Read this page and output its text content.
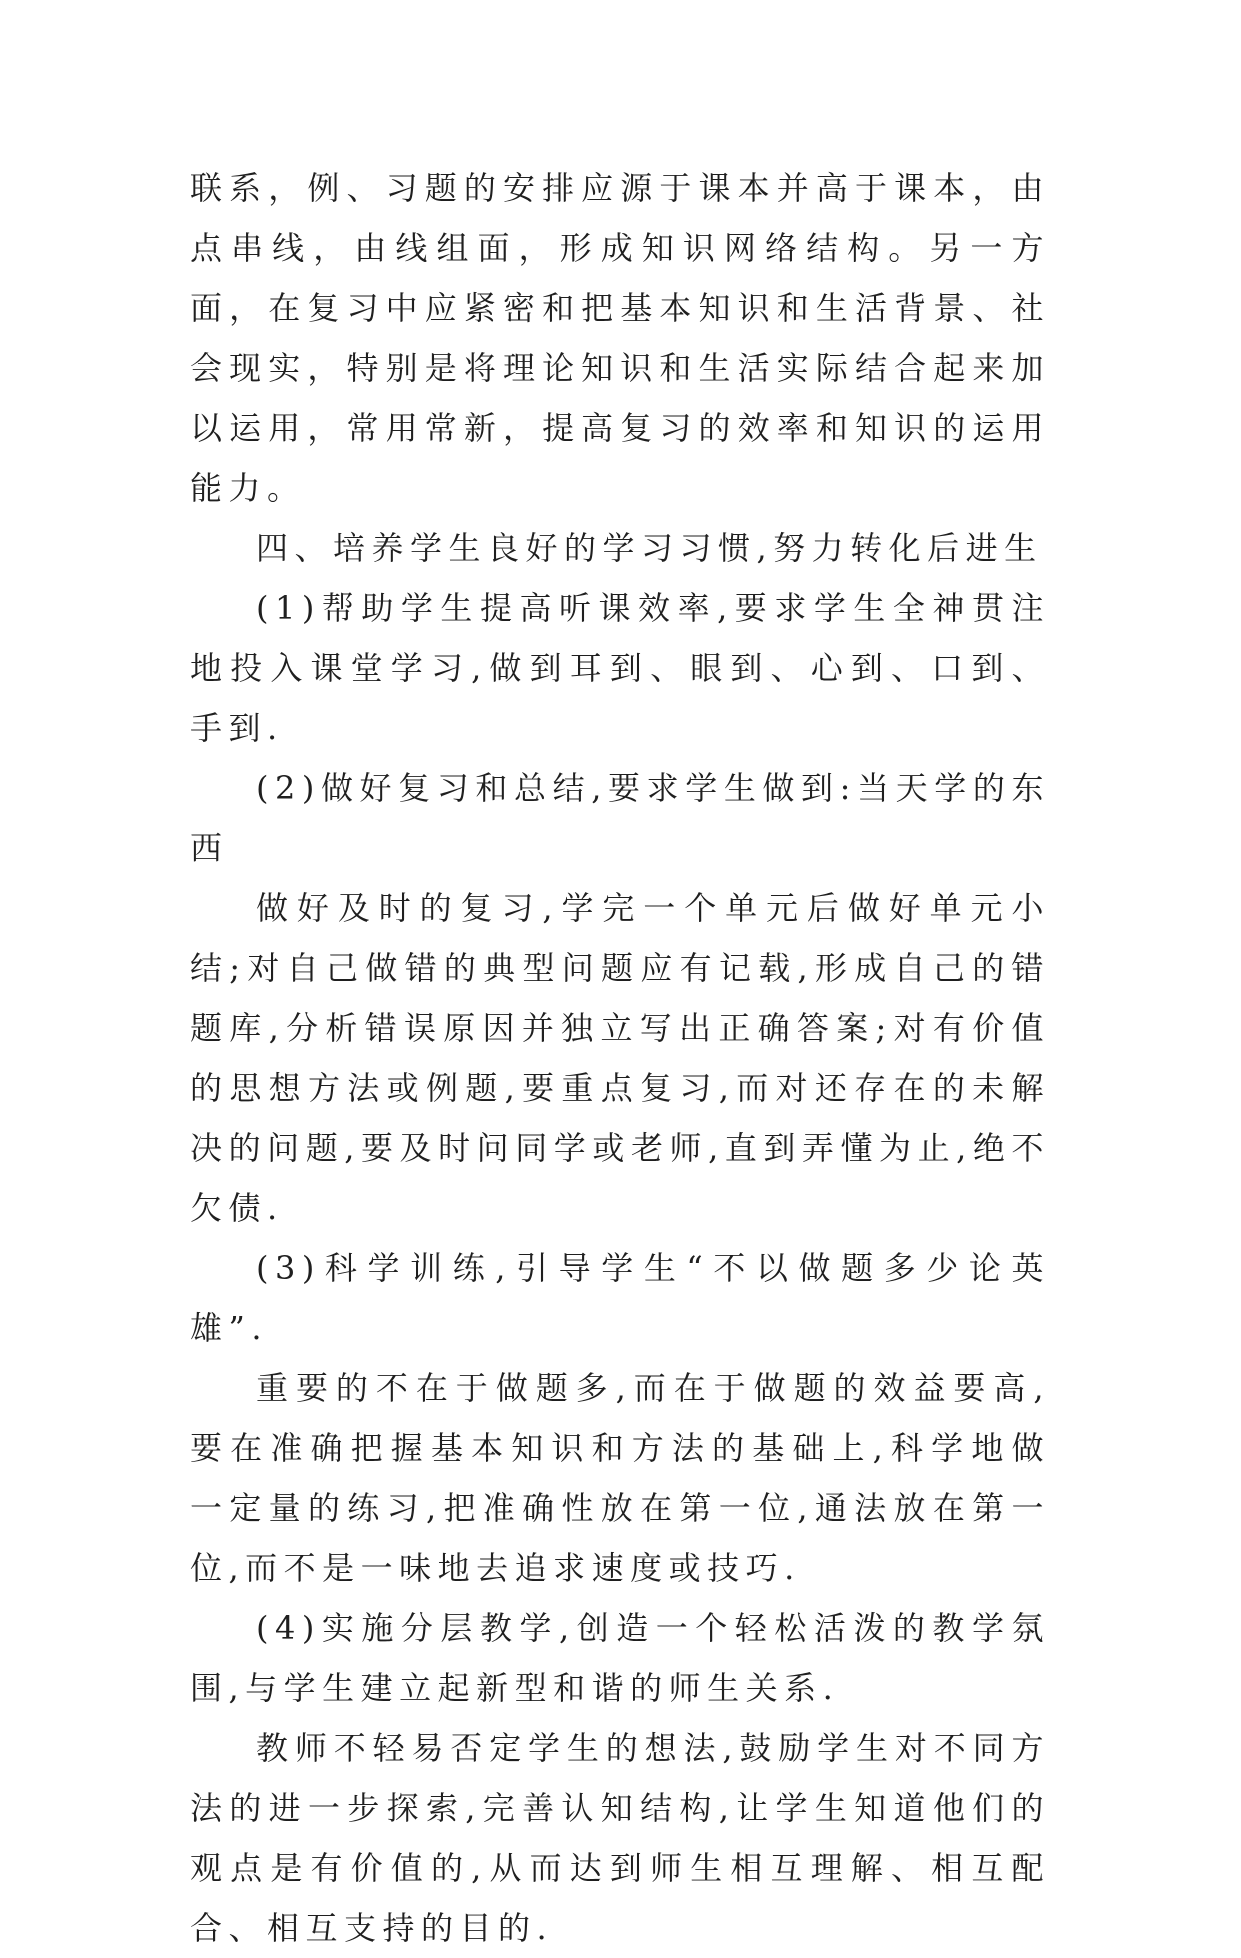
联系，例、习题的安排应源于课本并高于课本，由点串线，由线组面，形成知识网络结构。另一方面，在复习中应紧密和把基本知识和生活背景、社会现实，特别是将理论知识和生活实际结合起来加以运用，常用常新，提高复习的效率和知识的运用能力。

四、培养学生良好的学习习惯,努力转化后进生

(1)帮助学生提高听课效率,要求学生全神贯注地投入课堂学习,做到耳到、眼到、心到、口到、手到.

(2)做好复习和总结,要求学生做到:当天学的东西

做好及时的复习,学完一个单元后做好单元小结;对自己做错的典型问题应有记载,形成自己的错题库,分析错误原因并独立写出正确答案;对有价值的思想方法或例题,要重点复习,而对还存在的未解决的问题,要及时问同学或老师,直到弄懂为止,绝不欠债.

(3)科学训练,引导学生“不以做题多少论英雄”.

重要的不在于做题多,而在于做题的效益要高,要在准确把握基本知识和方法的基础上,科学地做一定量的练习,把准确性放在第一位,通法放在第一位,而不是一味地去追求速度或技巧.

(4)实施分层教学,创造一个轻松活泼的教学氛围,与学生建立起新型和谐的师生关系.

教师不轻易否定学生的想法,鼓励学生对不同方法的进一步探索,完善认知结构,让学生知道他们的观点是有价值的,从而达到师生相互理解、相互配合、相互支持的目的.
